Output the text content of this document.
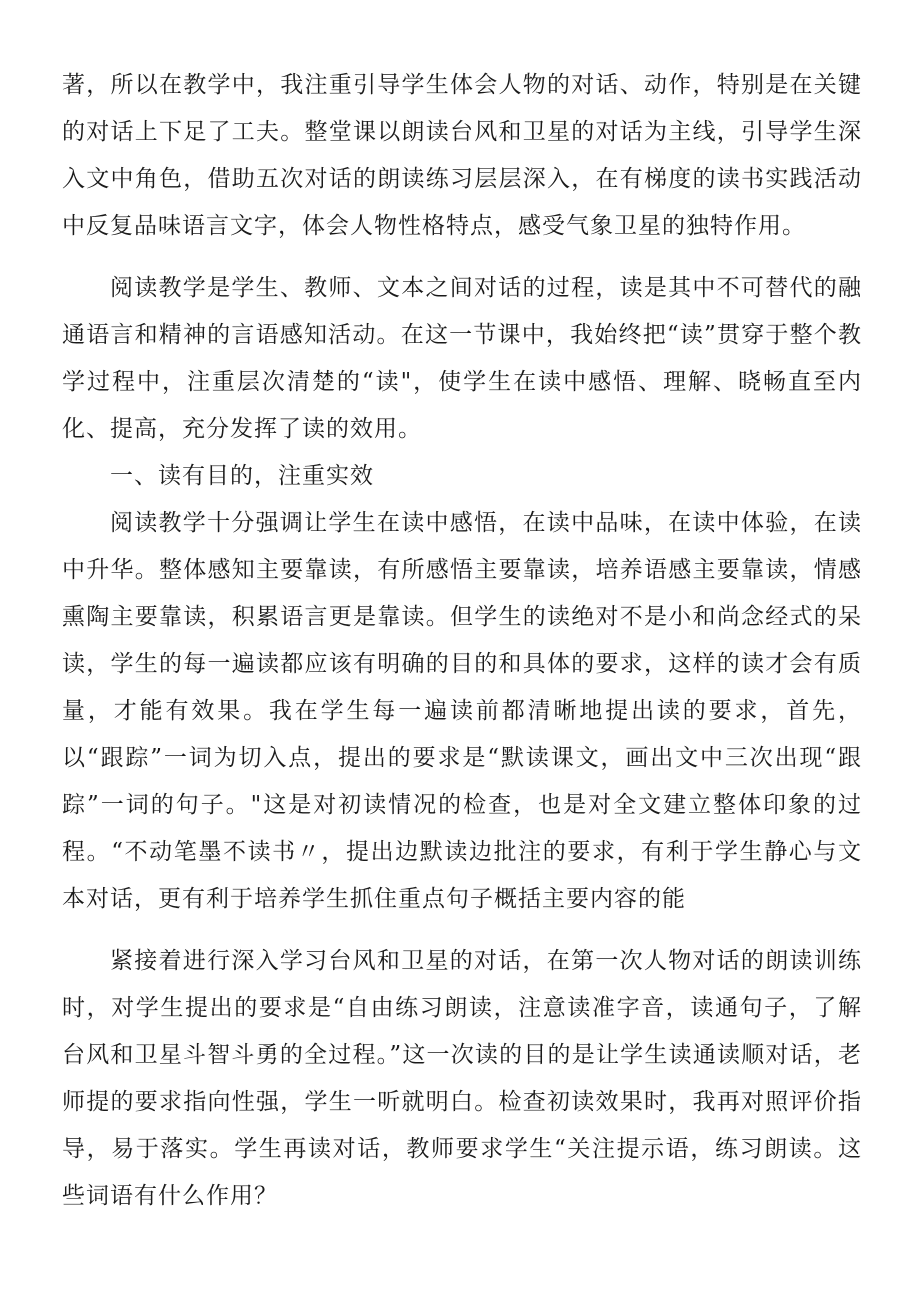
著，所以在教学中，我注重引导学生体会人物的对话、动作，特别是在关键的对话上下足了工夫。整堂课以朗读台风和卫星的对话为主线，引导学生深入文中角色，借助五次对话的朗读练习层层深入，在有梯度的读书实践活动中反复品味语言文字，体会人物性格特点，感受气象卫星的独特作用。

阅读教学是学生、教师、文本之间对话的过程，读是其中不可替代的融通语言和精神的言语感知活动。在这一节课中，我始终把“读”贯穿于整个教学过程中，注重层次清楚的“读"，使学生在读中感悟、理解、晓畅直至内化、提高，充分发挥了读的效用。

一、读有目的，注重实效

阅读教学十分强调让学生在读中感悟，在读中品味，在读中体验，在读中升华。整体感知主要靠读，有所感悟主要靠读，培养语感主要靠读，情感熏陶主要靠读，积累语言更是靠读。但学生的读绝对不是小和尚念经式的呆读，学生的每一遍读都应该有明确的目的和具体的要求，这样的读才会有质量，才能有效果。我在学生每一遍读前都清晰地提出读的要求，首先，以“跟踪”一词为切入点，提出的要求是“默读课文，画出文中三次出现“跟踪”一词的句子。"这是对初读情况的检查，也是对全文建立整体印象的过程。“不动笔墨不读书〃，提出边默读边批注的要求，有利于学生静心与文本对话，更有利于培养学生抓住重点句子概括主要内容的能

紧接着进行深入学习台风和卫星的对话，在第一次人物对话的朗读训练时，对学生提出的要求是“自由练习朗读，注意读准字音，读通句子，了解台风和卫星斗智斗勇的全过程。”这一次读的目的是让学生读通读顺对话，老师提的要求指向性强，学生一听就明白。检查初读效果时，我再对照评价指导，易于落实。学生再读对话，教师要求学生“关注提示语，练习朗读。这些词语有什么作用？
